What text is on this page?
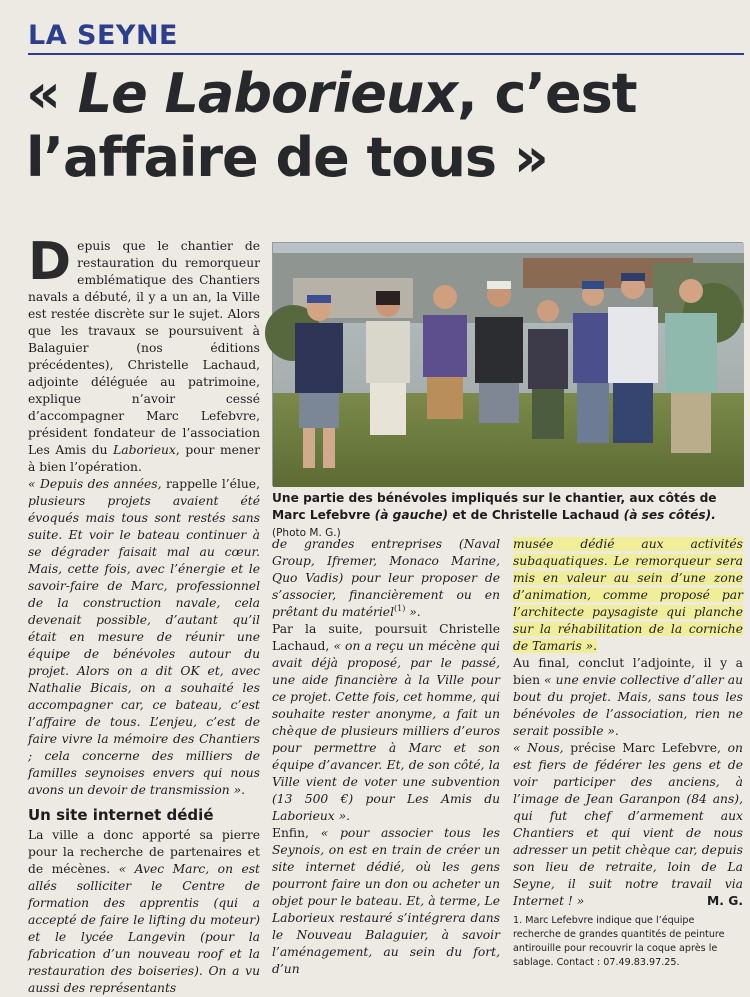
LA SEYNE
« Le Laborieux, c’est l’affaire de tous »

Depuis que le chantier de restauration du remorqueur emblématique des Chantiers navals a débuté, il y a un an, la Ville est restée discrète sur le sujet. Alors que les travaux se poursuivent à Balaguier (nos éditions précédentes), Christelle Lachaud, adjointe déléguée au patrimoine, explique n’avoir cessé d’accompagner Marc Lefebvre, président fondateur de l’association Les Amis du Laborieux, pour mener à bien l’opération.

« Depuis des années, rappelle l’élue, plusieurs projets avaient été évoqués mais tous sont restés sans suite. Et voir le bateau continuer à se dégrader faisait mal au cœur. Mais, cette fois, avec l’énergie et le savoir-faire de Marc, professionnel de la construction navale, cela devenait possible, d’autant qu’il était en mesure de réunir une équipe de bénévoles autour du projet. Alors on a dit OK et, avec Nathalie Bicais, on a souhaité les accompagner car, ce bateau, c’est l’affaire de tous. L’enjeu, c’est de faire vivre la mémoire des Chantiers ; cela concerne des milliers de familles seynoises envers qui nous avons un devoir de transmission ».

Un site internet dédié

La ville a donc apporté sa pierre pour la recherche de partenaires et de mécènes. « Avec Marc, on est allés solliciter le Centre de formation des apprentis (qui a accepté de faire le lifting du moteur) et le lycée Langevin (pour la fabrication d’un nouveau roof et la restauration des boiseries). On a vu aussi des représentants

Une partie des bénévoles impliqués sur le chantier, aux côtés de Marc Lefebvre (à gauche) et de Christelle Lachaud (à ses côtés). (Photo M. G.)

de grandes entreprises (Naval Group, Ifremer, Monaco Marine, Quo Vadis) pour leur proposer de s’associer, financièrement ou en prêtant du matériel$^{(1)}$ ».

Par la suite, poursuit Christelle Lachaud, « on a reçu un mécène qui avait déjà proposé, par le passé, une aide financière à la Ville pour ce projet. Cette fois, cet homme, qui souhaite rester anonyme, a fait un chèque de plusieurs milliers d’euros pour permettre à Marc et son équipe d’avancer. Et, de son côté, la Ville vient de voter une subvention (13 500 €) pour Les Amis du Laborieux ».

Enfin, « pour associer tous les Seynois, on est en train de créer un site internet dédié, où les gens pourront faire un don ou acheter un objet pour le bateau. Et, à terme, Le Laborieux restauré s’intégrera dans le Nouveau Balaguier, à savoir l’aménagement, au sein du fort, d’un

musée dédié aux activités subaquatiques. Le remorqueur sera mis en valeur au sein d’une zone d’animation, comme proposé par l’architecte paysagiste qui planche sur la réhabilitation de la corniche de Tamaris ».

Au final, conclut l’adjointe, il y a bien « une envie collective d’aller au bout du projet. Mais, sans tous les bénévoles de l’association, rien ne serait possible ».

« Nous, précise Marc Lefebvre, on est fiers de fédérer les gens et de voir participer des anciens, à l’image de Jean Garanpon (84 ans), qui fut chef d’armement aux Chantiers et qui vient de nous adresser un petit chèque car, depuis son lieu de retraite, loin de La Seyne, il suit notre travail via Internet ! »	M. G.

1. Marc Lefebvre indique que l’équipe recherche de grandes quantités de peinture antirouille pour recouvrir la coque après le sablage. Contact : 07.49.83.97.25.
